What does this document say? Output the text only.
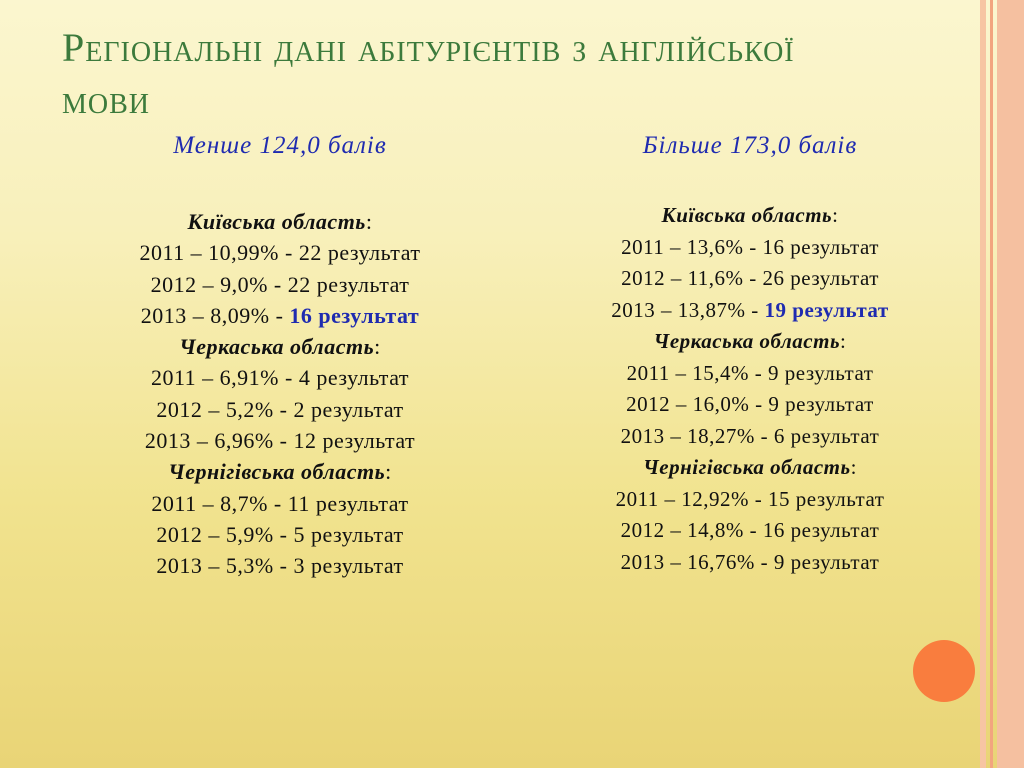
Регіональні дані абітурієнтів з англійської мови
Менше 124,0 балів
Київська область:
2011 – 10,99% - 22 результат
2012 – 9,0% - 22 результат
2013 – 8,09% - 16 результат
Черкаська область:
2011 – 6,91% - 4 результат
2012 – 5,2% - 2 результат
2013 – 6,96% - 12 результат
Чернігівська область:
2011 – 8,7% - 11 результат
2012 – 5,9% - 5 результат
2013 – 5,3% - 3 результат
Більше 173,0 балів
Київська область:
2011 – 13,6% - 16 результат
2012 – 11,6% - 26 результат
2013 – 13,87% - 19 результат
Черкаська область:
2011 – 15,4% - 9 результат
2012 – 16,0% - 9 результат
2013 – 18,27% - 6 результат
Чернігівська область:
2011 – 12,92% - 15 результат
2012 – 14,8% - 16 результат
2013 – 16,76% - 9 результат
